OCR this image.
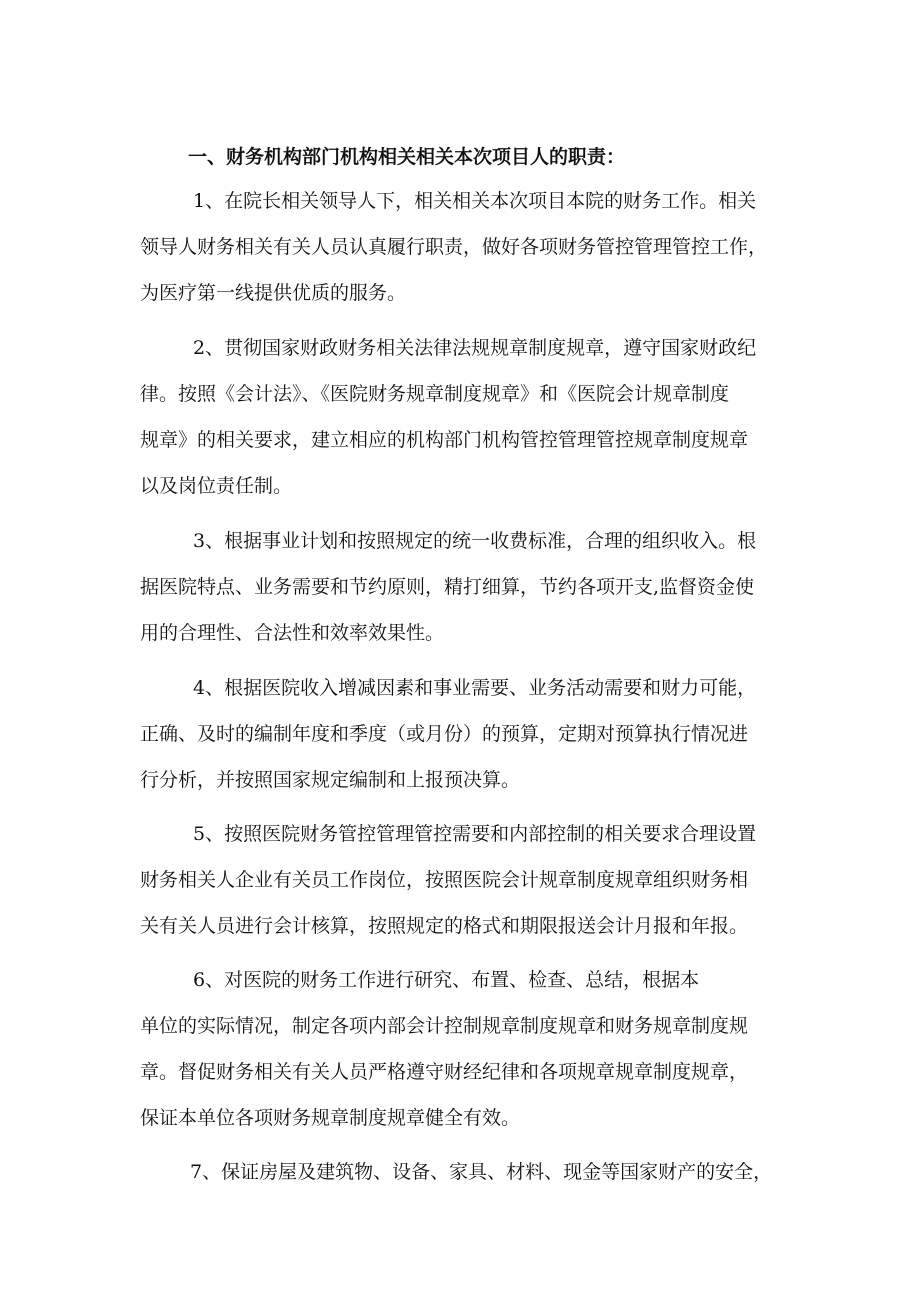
一、财务机构部门机构相关相关本次项目人的职责：
1、在院长相关领导人下，相关相关本次项目本院的财务工作。相关
领导人财务相关有关人员认真履行职责，做好各项财务管控管理管控工作，
为医疗第一线提供优质的服务。
2、贯彻国家财政财务相关法律法规规章制度规章，遵守国家财政纪
律。按照《会计法》、《医院财务规章制度规章》和《医院会计规章制度
规章》的相关要求，建立相应的机构部门机构管控管理管控规章制度规章
以及岗位责任制。
3、根据事业计划和按照规定的统一收费标准，合理的组织收入。根
据医院特点、业务需要和节约原则，精打细算，节约各项开支,监督资金使
用的合理性、合法性和效率效果性。
4、根据医院收入增减因素和事业需要、业务活动需要和财力可能，
正确、及时的编制年度和季度（或月份）的预算，定期对预算执行情况进
行分析，并按照国家规定编制和上报预决算。
5、按照医院财务管控管理管控需要和内部控制的相关要求合理设置
财务相关人企业有关员工作岗位，按照医院会计规章制度规章组织财务相
关有关人员进行会计核算，按照规定的格式和期限报送会计月报和年报。
6、对医院的财务工作进行研究、布置、检查、总结，根据本
单位的实际情况，制定各项内部会计控制规章制度规章和财务规章制度规
章。督促财务相关有关人员严格遵守财经纪律和各项规章规章制度规章，
保证本单位各项财务规章制度规章健全有效。
7、保证房屋及建筑物、设备、家具、材料、现金等国家财产的安全，
